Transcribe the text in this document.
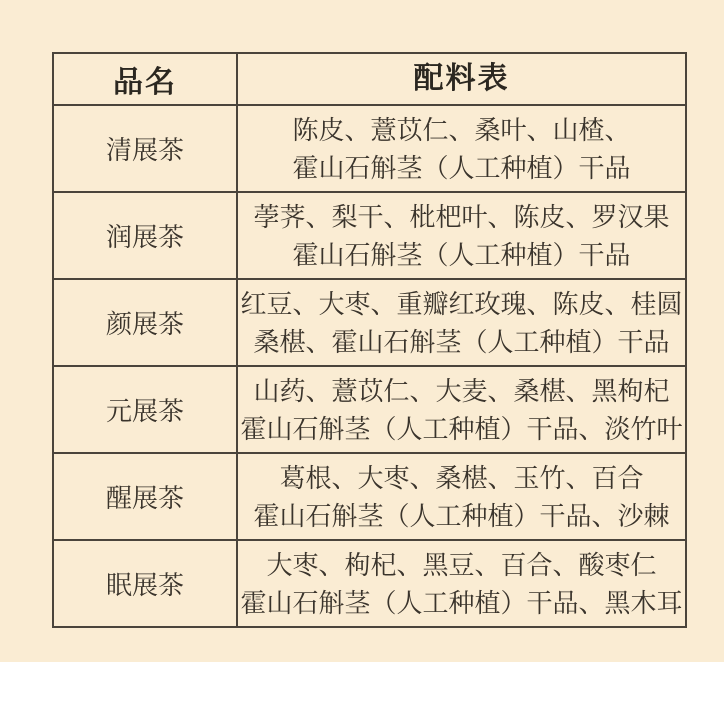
品名	配料表
清展茶
陈皮、薏苡仁、桑叶、山楂、
霍山石斛茎（人工种植）干品
润展茶
荸荠、梨干、枇杷叶、陈皮、罗汉果
霍山石斛茎（人工种植）干品
颜展茶
红豆、大枣、重瓣红玫瑰、陈皮、桂圆
桑椹、霍山石斛茎（人工种植）干品
元展茶
山药、薏苡仁、大麦、桑椹、黑枸杞
霍山石斛茎（人工种植）干品、淡竹叶
醒展茶
葛根、大枣、桑椹、玉竹、百合
霍山石斛茎（人工种植）干品、沙棘
眠展茶
大枣、枸杞、黑豆、百合、酸枣仁
霍山石斛茎（人工种植）干品、黑木耳
